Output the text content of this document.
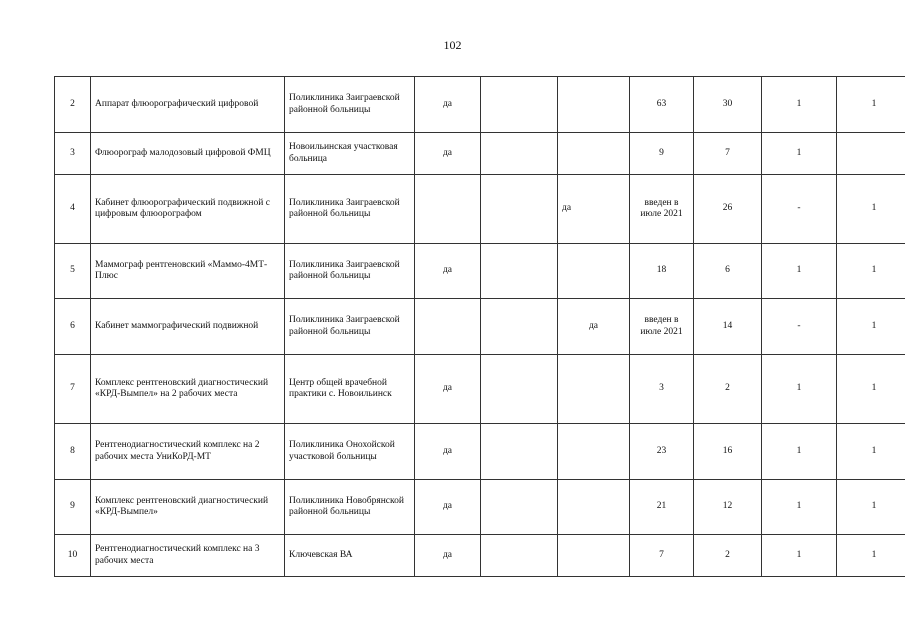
102
2	Аппарат флюорографический цифровой	Поликлиника Заиграевской районной больницы	да			63	30	1	1
3	Флюорограф малодозовый цифровой ФМЦ	Новоильинская участковая больница	да			9	7	1	
4	Кабинет флюорографический подвижной с цифровым флюорографом	Поликлиника Заиграевской районной больницы			да	введен в июле 2021	26	-	1
5	Маммограф рентгеновский «Маммо-4МТ-Плюс	Поликлиника Заиграевской районной больницы	да			18	6	1	1
6	Кабинет маммографический подвижной	Поликлиника Заиграевской районной больницы			да	введен в июле 2021	14	-	1
7	Комплекс рентгеновский диагностический «КРД-Вымпел» на 2 рабочих места	Центр общей врачебной практики с. Новоильинск	да			3	2	1	1
8	Рентгенодиагностический комплекс на 2 рабочих места УниКоРД-МТ	Поликлиника Онохойской участковой больницы	да			23	16	1	1
9	Комплекс рентгеновский диагностический «КРД-Вымпел»	Поликлиника Новобрянской районной больницы	да			21	12	1	1
10	Рентгенодиагностический комплекс на 3 рабочих места	Ключевская ВА	да			7	2	1	1
